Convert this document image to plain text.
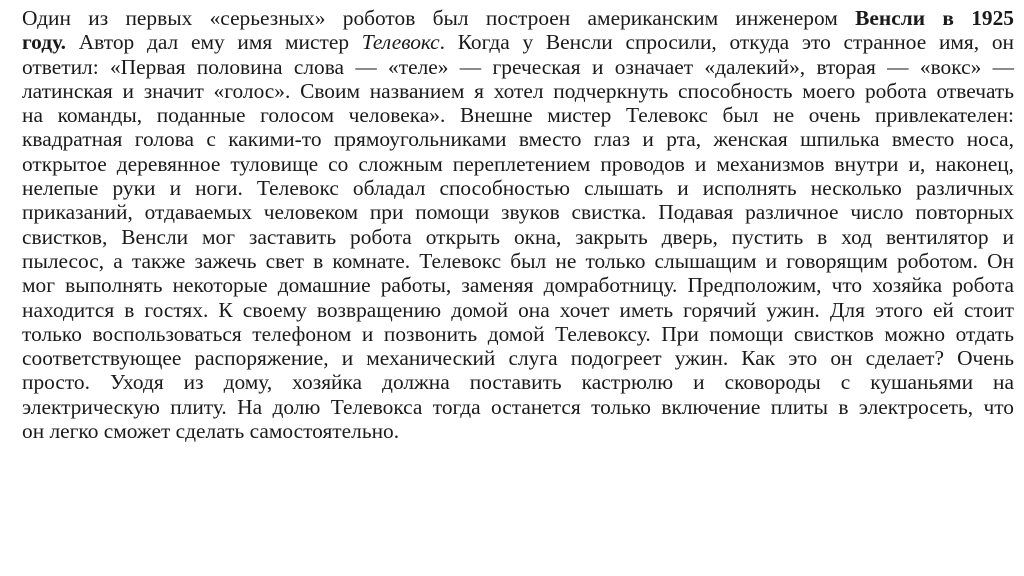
Один из первых «серьезных» роботов был построен американским инженером Венсли в 1925
году. Автор дал ему имя мистер Телевокс. Когда у Венсли спросили, откуда это странное имя, он
ответил: «Первая половина слова — «теле» — греческая и означает «далекий», вторая — «вокс» —
латинская и значит «голос». Своим названием я хотел подчеркнуть способность моего робота отвечать
на команды, поданные голосом человека». Внешне мистер Телевокс был не очень привлекателен:
квадратная голова с какими-то прямоугольниками вместо глаз и рта, женская шпилька вместо носа,
открытое деревянное туловище со сложным переплетением проводов и механизмов внутри и, наконец,
нелепые руки и ноги. Телевокс обладал способностью слышать и исполнять несколько различных
приказаний, отдаваемых человеком при помощи звуков свистка. Подавая различное число повторных
свистков, Венсли мог заставить робота открыть окна, закрыть дверь, пустить в ход вентилятор и
пылесос, а также зажечь свет в комнате. Телевокс был не только слышащим и говорящим роботом. Он
мог выполнять некоторые домашние работы, заменяя домработницу. Предположим, что хозяйка робота
находится в гостях. К своему возвращению домой она хочет иметь горячий ужин. Для этого ей стоит
только воспользоваться телефоном и позвонить домой Телевоксу. При помощи свистков можно отдать
соответствующее распоряжение, и механический слуга подогреет ужин. Как это он сделает? Очень
просто. Уходя из дому, хозяйка должна поставить кастрюлю и сковороды с кушаньями на
электрическую плиту. На долю Телевокса тогда останется только включение плиты в электросеть, что
он легко сможет сделать самостоятельно.
